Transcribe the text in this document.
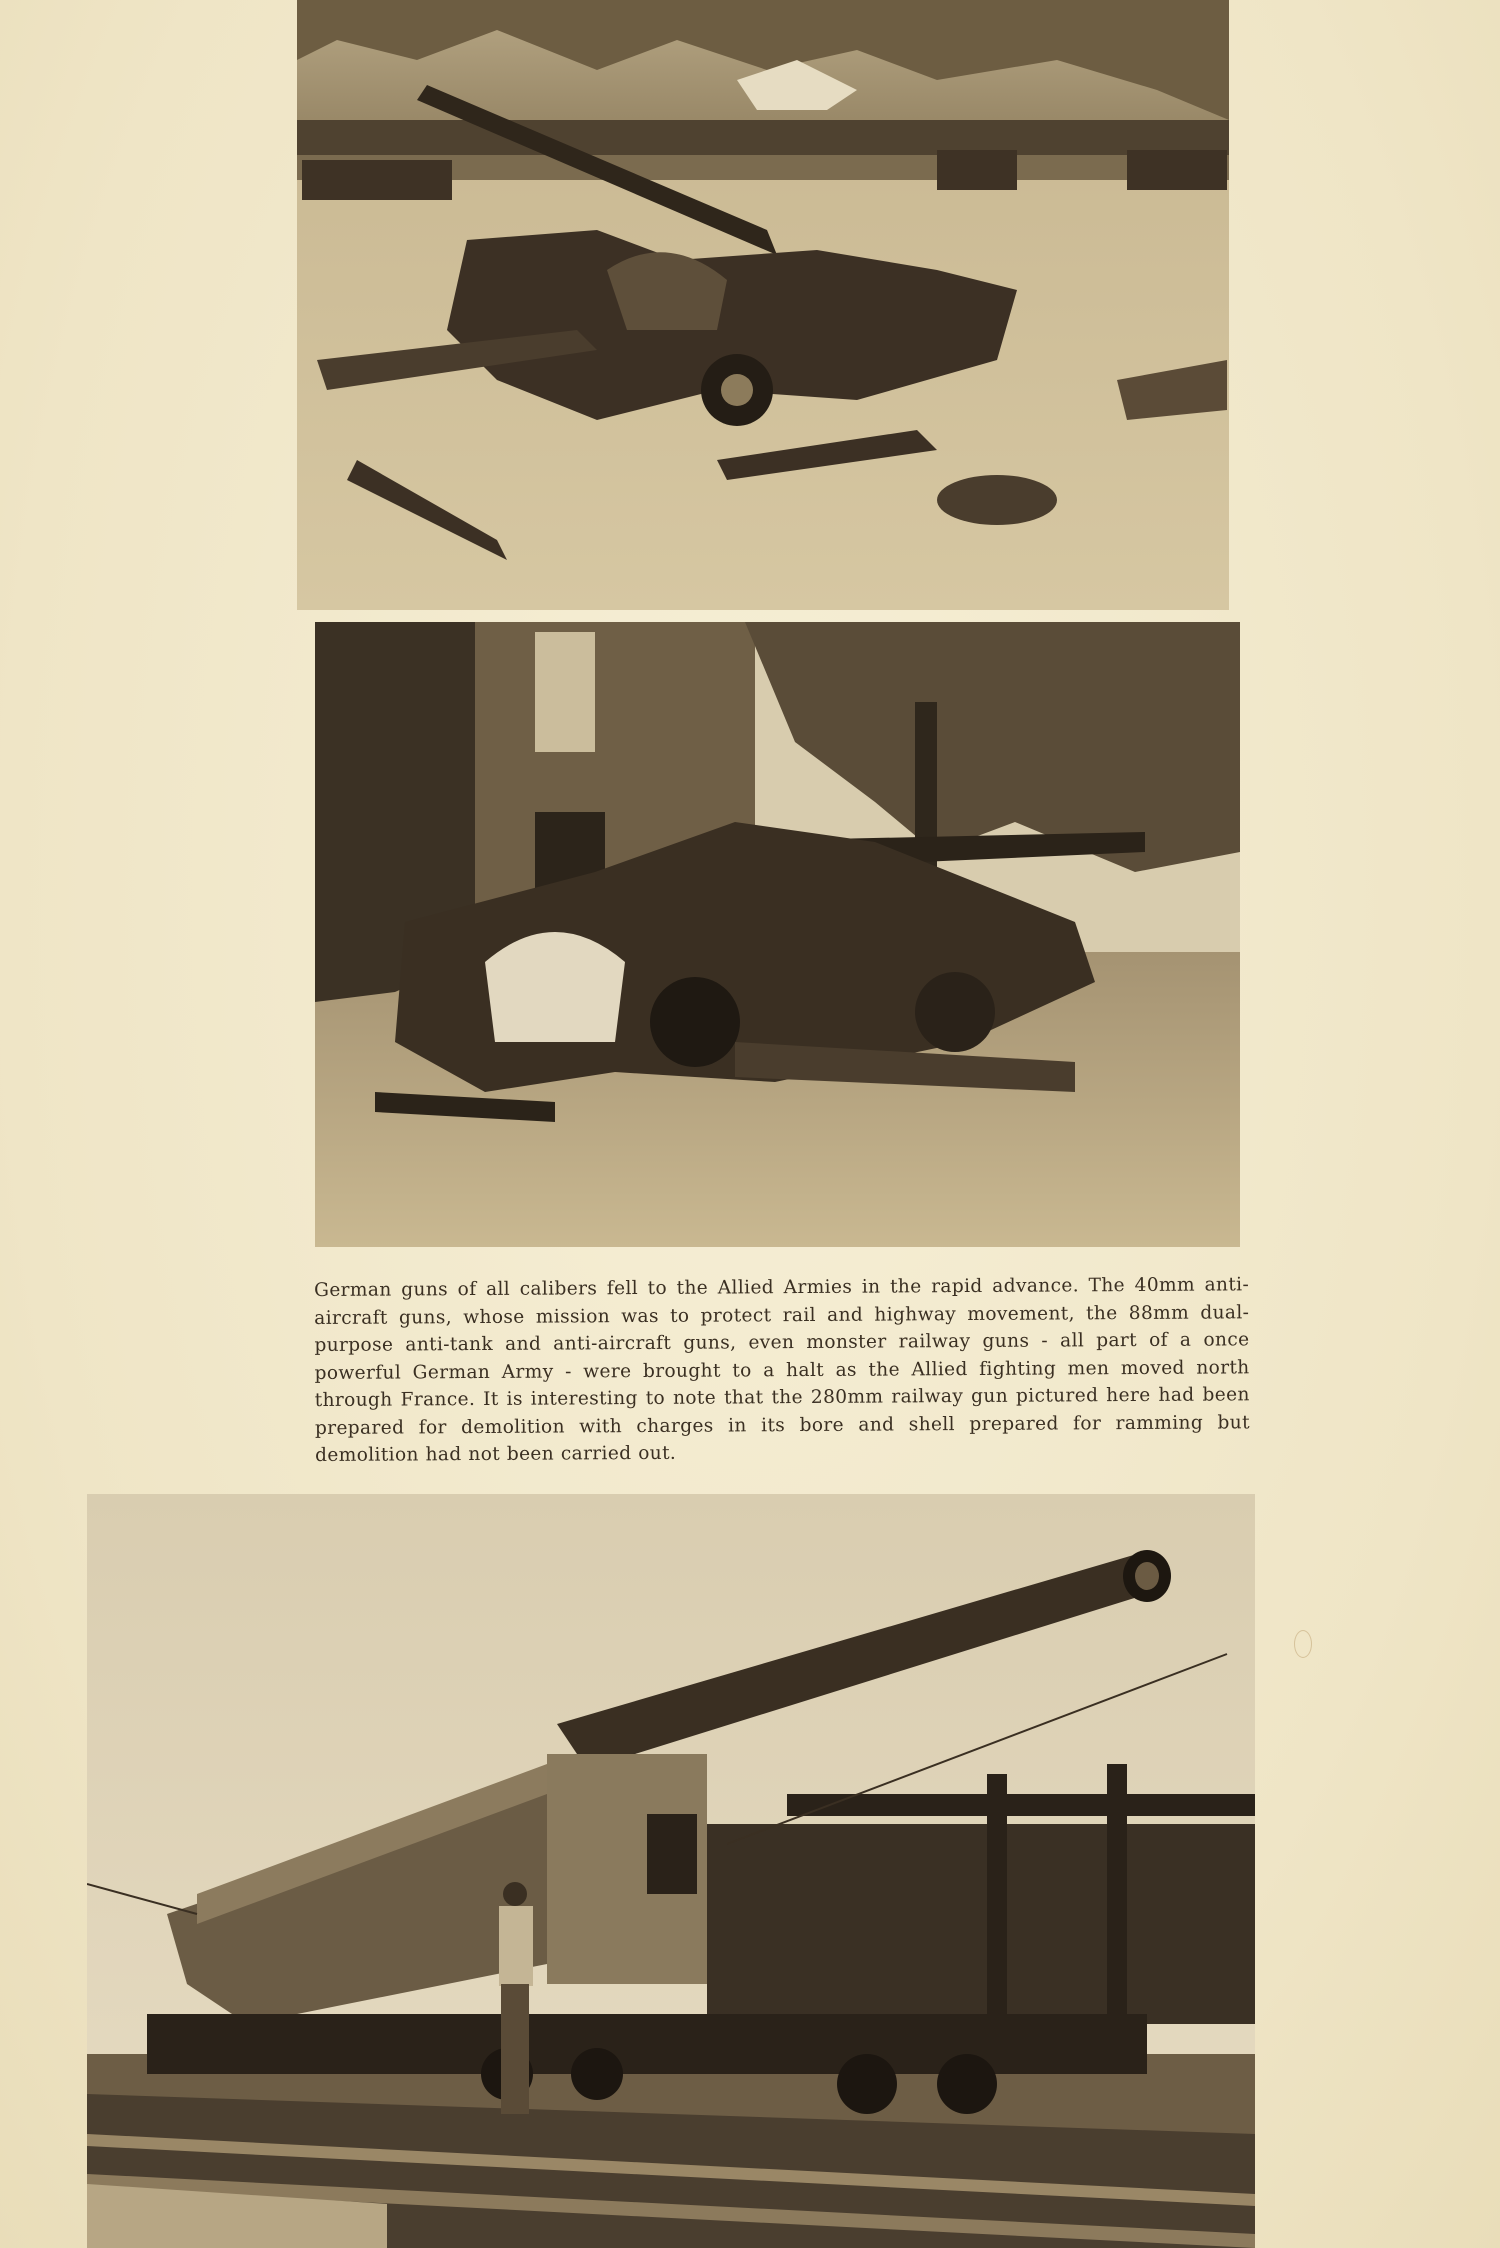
German guns of all calibers fell to the Allied Armies in the rapid advance. The 40mm anti-aircraft guns, whose mission was to protect rail and highway movement, the 88mm dual-purpose anti-tank and anti-aircraft guns, even monster railway guns - all part of a once powerful German Army - were brought to a halt as the Allied fighting men moved north through France. It is interesting to note that the 280mm railway gun pictured here had been prepared for demolition with charges in its bore and shell prepared for ramming but demolition had not been carried out.
